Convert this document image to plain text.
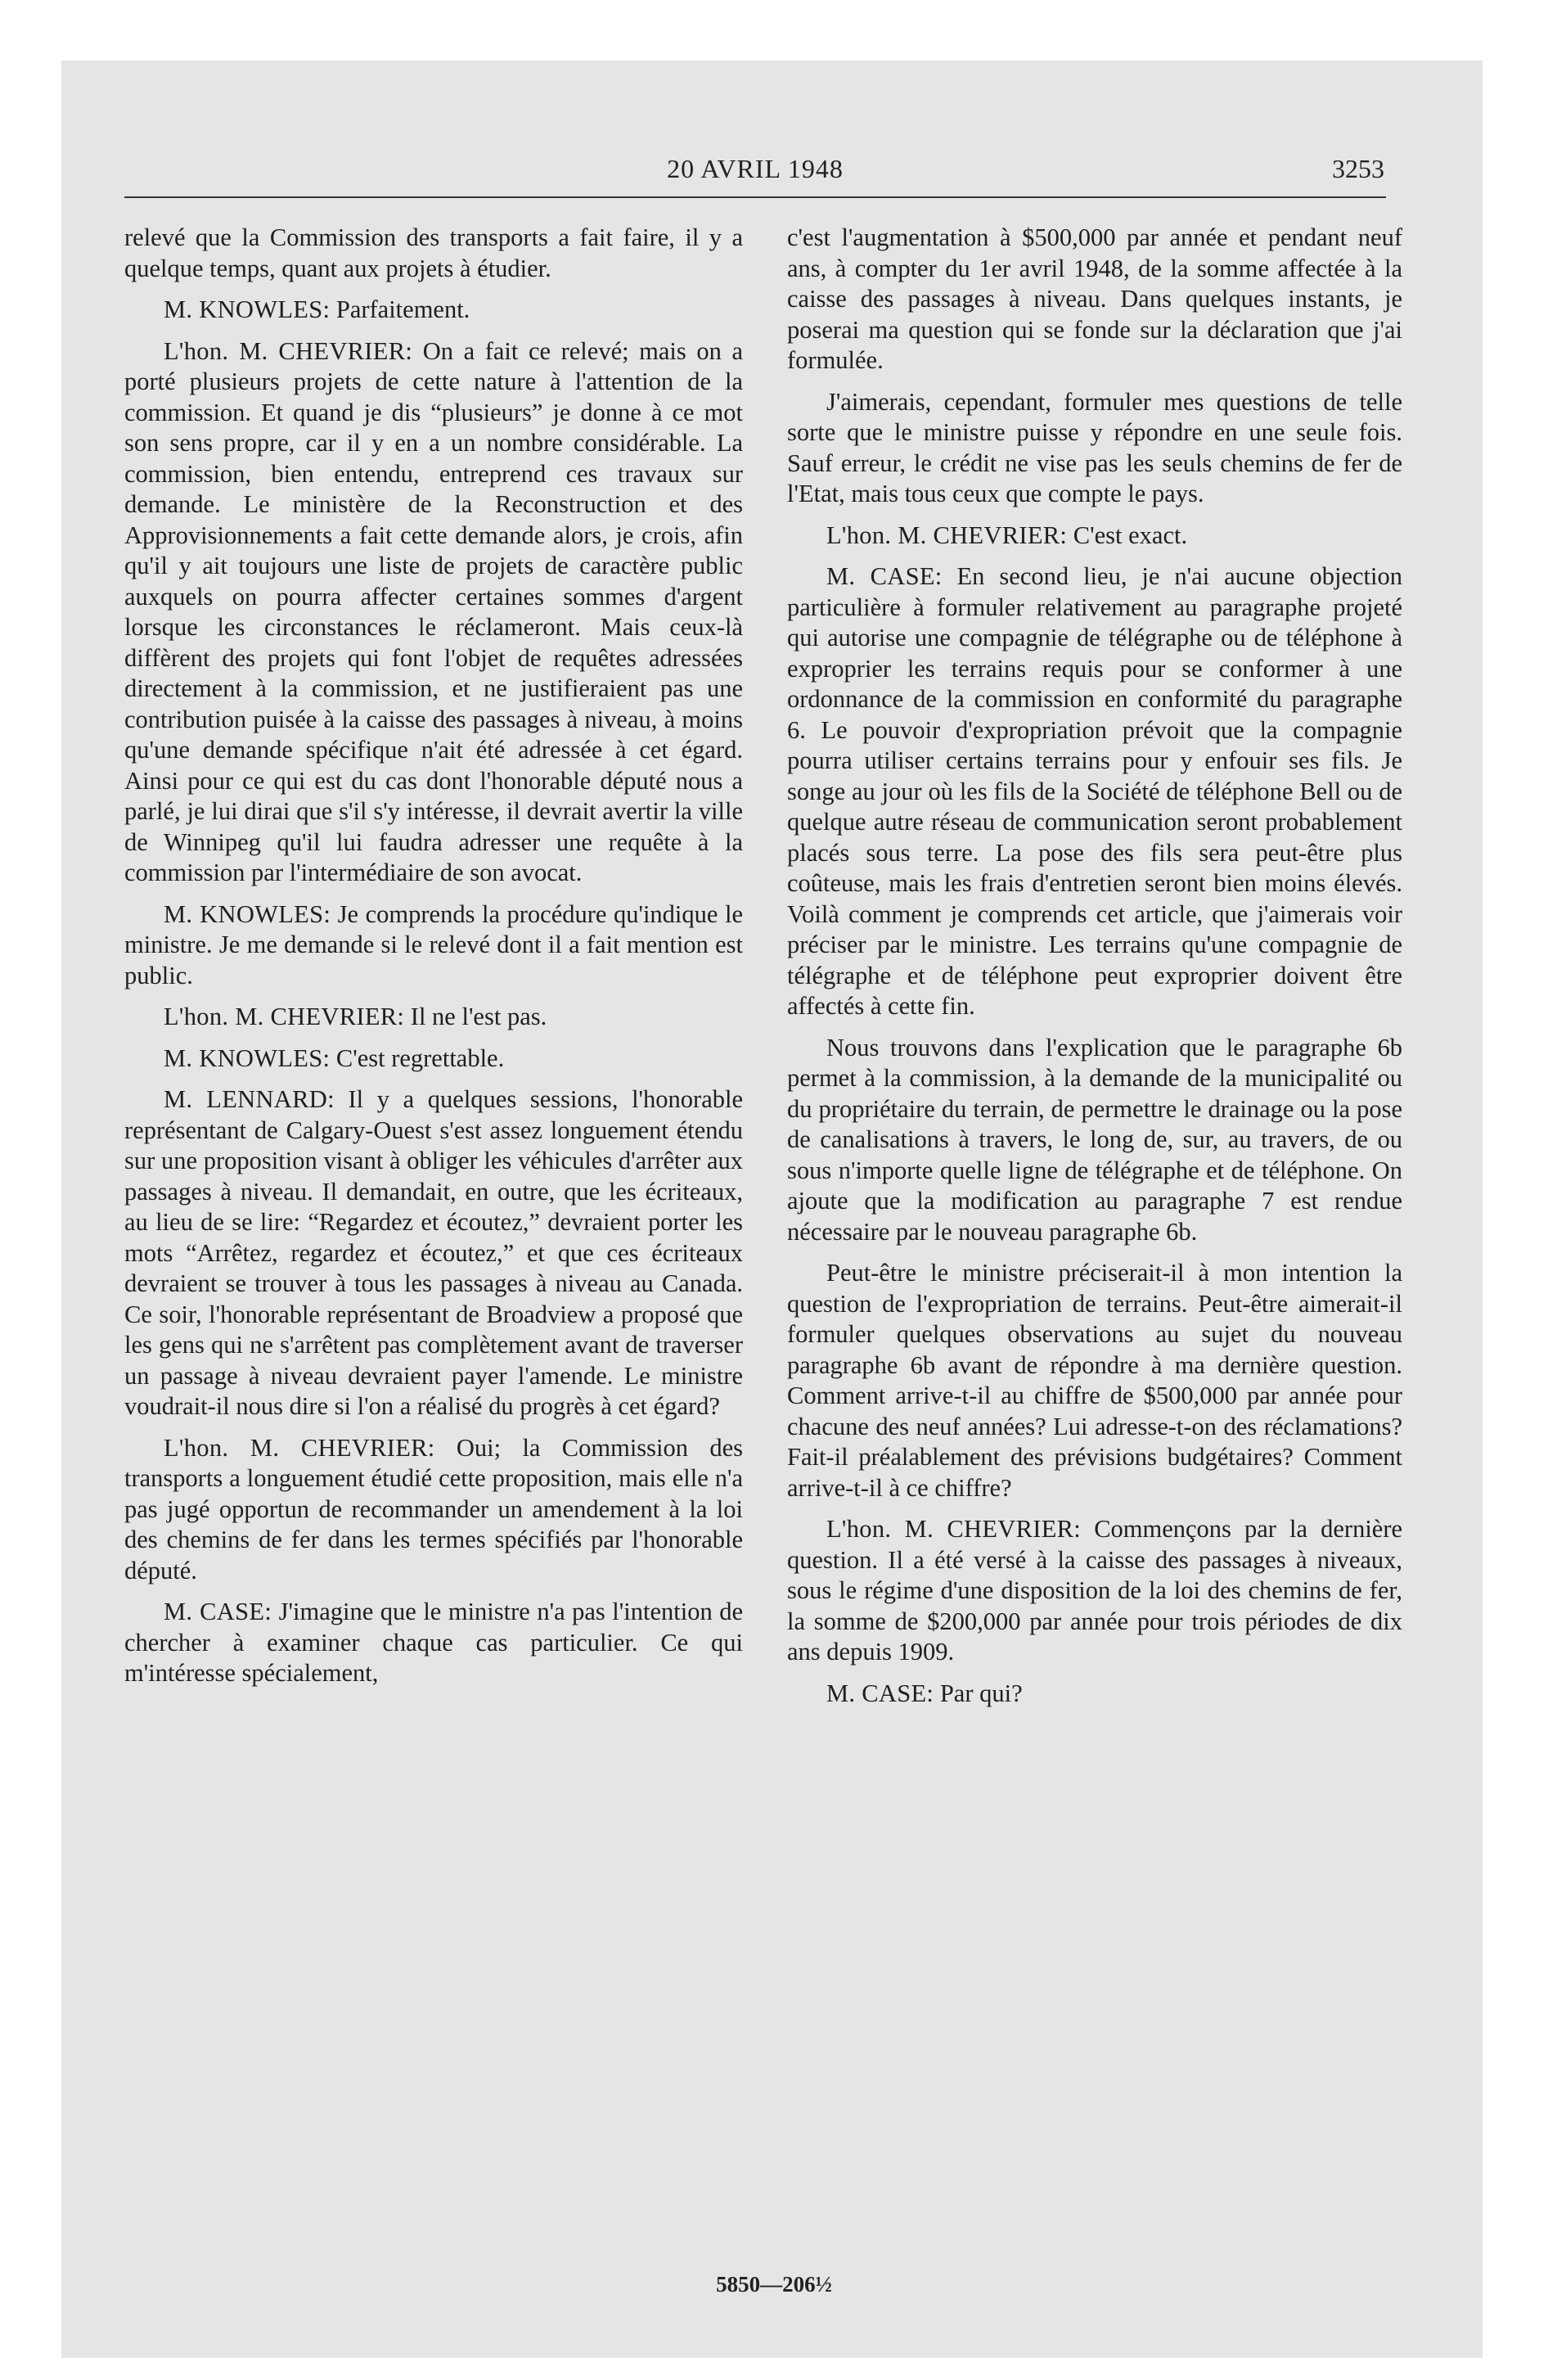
20 AVRIL 1948	3253

relevé que la Commission des transports a fait faire, il y a quelque temps, quant aux projets à étudier.

M. KNOWLES: Parfaitement.

L'hon. M. CHEVRIER: On a fait ce relevé; mais on a porté plusieurs projets de cette nature à l'attention de la commission. Et quand je dis “plusieurs” je donne à ce mot son sens propre, car il y en a un nombre considérable. La commission, bien entendu, entreprend ces travaux sur demande. Le ministère de la Reconstruction et des Approvisionnements a fait cette demande alors, je crois, afin qu'il y ait toujours une liste de projets de caractère public auxquels on pourra affecter certaines sommes d'argent lorsque les circonstances le réclameront. Mais ceux-là diffèrent des projets qui font l'objet de requêtes adressées directement à la commission, et ne justifieraient pas une contribution puisée à la caisse des passages à niveau, à moins qu'une demande spécifique n'ait été adressée à cet égard. Ainsi pour ce qui est du cas dont l'honorable député nous a parlé, je lui dirai que s'il s'y intéresse, il devrait avertir la ville de Winnipeg qu'il lui faudra adresser une requête à la commission par l'intermédiaire de son avocat.

M. KNOWLES: Je comprends la procédure qu'indique le ministre. Je me demande si le relevé dont il a fait mention est public.

L'hon. M. CHEVRIER: Il ne l'est pas.

M. KNOWLES: C'est regrettable.

M. LENNARD: Il y a quelques sessions, l'honorable représentant de Calgary-Ouest s'est assez longuement étendu sur une proposition visant à obliger les véhicules d'arrêter aux passages à niveau. Il demandait, en outre, que les écriteaux, au lieu de se lire: “Regardez et écoutez,” devraient porter les mots “Arrêtez, regardez et écoutez,” et que ces écriteaux devraient se trouver à tous les passages à niveau au Canada. Ce soir, l'honorable représentant de Broadview a proposé que les gens qui ne s'arrêtent pas complètement avant de traverser un passage à niveau devraient payer l'amende. Le ministre voudrait-il nous dire si l'on a réalisé du progrès à cet égard?

L'hon. M. CHEVRIER: Oui; la Commission des transports a longuement étudié cette proposition, mais elle n'a pas jugé opportun de recommander un amendement à la loi des chemins de fer dans les termes spécifiés par l'honorable député.

M. CASE: J'imagine que le ministre n'a pas l'intention de chercher à examiner chaque cas particulier. Ce qui m'intéresse spécialement,

c'est l'augmentation à $500,000 par année et pendant neuf ans, à compter du 1er avril 1948, de la somme affectée à la caisse des passages à niveau. Dans quelques instants, je poserai ma question qui se fonde sur la déclaration que j'ai formulée.

J'aimerais, cependant, formuler mes questions de telle sorte que le ministre puisse y répondre en une seule fois. Sauf erreur, le crédit ne vise pas les seuls chemins de fer de l'Etat, mais tous ceux que compte le pays.

L'hon. M. CHEVRIER: C'est exact.

M. CASE: En second lieu, je n'ai aucune objection particulière à formuler relativement au paragraphe projeté qui autorise une compagnie de télégraphe ou de téléphone à exproprier les terrains requis pour se conformer à une ordonnance de la commission en conformité du paragraphe 6. Le pouvoir d'expropriation prévoit que la compagnie pourra utiliser certains terrains pour y enfouir ses fils. Je songe au jour où les fils de la Société de téléphone Bell ou de quelque autre réseau de communication seront probablement placés sous terre. La pose des fils sera peut-être plus coûteuse, mais les frais d'entretien seront bien moins élevés. Voilà comment je comprends cet article, que j'aimerais voir préciser par le ministre. Les terrains qu'une compagnie de télégraphe et de téléphone peut exproprier doivent être affectés à cette fin.

Nous trouvons dans l'explication que le paragraphe 6b permet à la commission, à la demande de la municipalité ou du propriétaire du terrain, de permettre le drainage ou la pose de canalisations à travers, le long de, sur, au travers, de ou sous n'importe quelle ligne de télégraphe et de téléphone. On ajoute que la modification au paragraphe 7 est rendue nécessaire par le nouveau paragraphe 6b.

Peut-être le ministre préciserait-il à mon intention la question de l'expropriation de terrains. Peut-être aimerait-il formuler quelques observations au sujet du nouveau paragraphe 6b avant de répondre à ma dernière question. Comment arrive-t-il au chiffre de $500,000 par année pour chacune des neuf années? Lui adresse-t-on des réclamations? Fait-il préalablement des prévisions budgétaires? Comment arrive-t-il à ce chiffre?

L'hon. M. CHEVRIER: Commençons par la dernière question. Il a été versé à la caisse des passages à niveaux, sous le régime d'une disposition de la loi des chemins de fer, la somme de $200,000 par année pour trois périodes de dix ans depuis 1909.

M. CASE: Par qui?

5850—206½
